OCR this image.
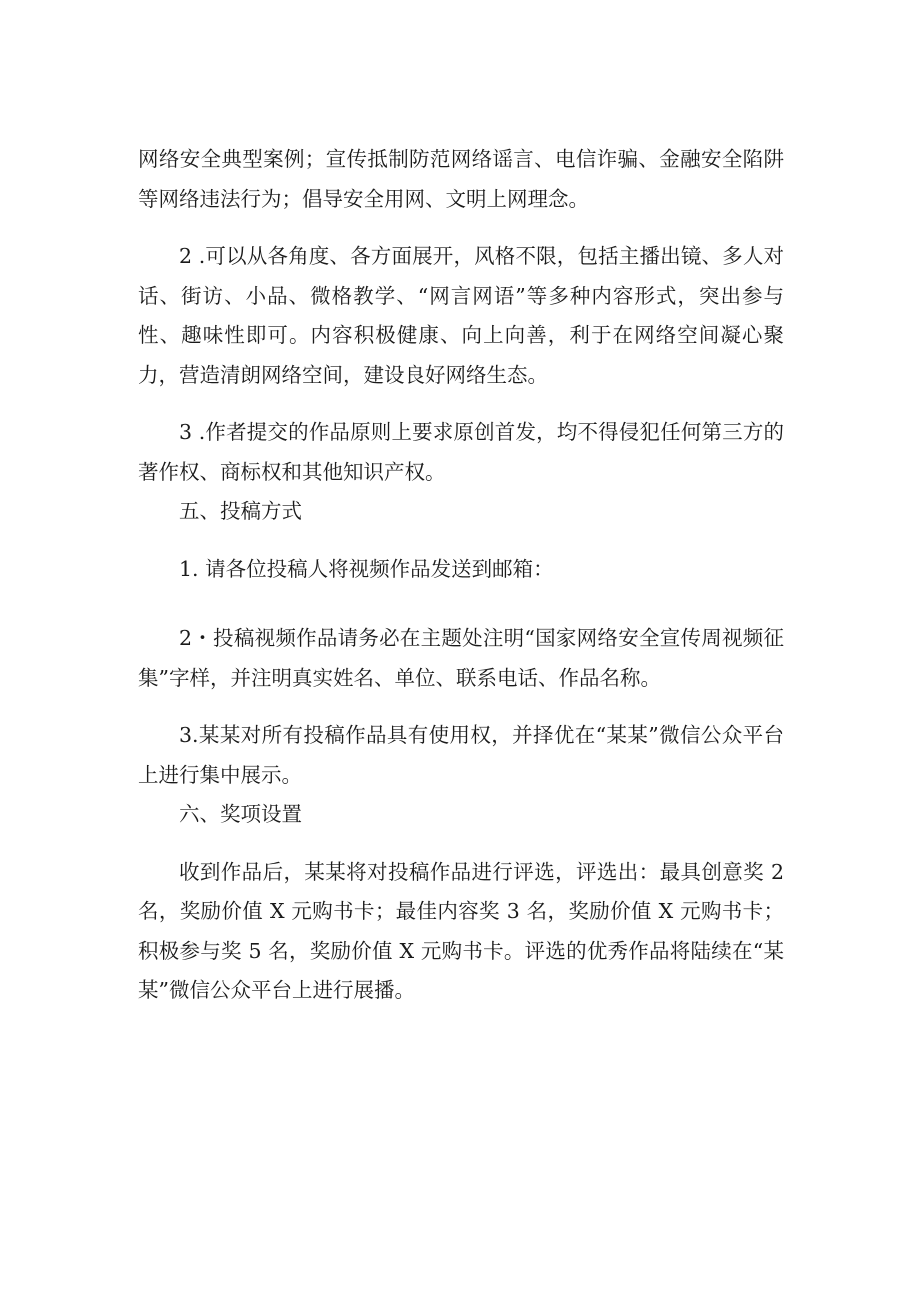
网络安全典型案例；宣传抵制防范网络谣言、电信诈骗、金融安全陷阱等网络违法行为；倡导安全用网、文明上网理念。

2 .可以从各角度、各方面展开，风格不限，包括主播出镜、多人对话、街访、小品、微格教学、“网言网语”等多种内容形式，突出参与性、趣味性即可。内容积极健康、向上向善，利于在网络空间凝心聚力，营造清朗网络空间，建设良好网络生态。

3 .作者提交的作品原则上要求原创首发，均不得侵犯任何第三方的著作权、商标权和其他知识产权。

五、投稿方式

1. 请各位投稿人将视频作品发送到邮箱：

2・投稿视频作品请务必在主题处注明“国家网络安全宣传周视频征集”字样，并注明真实姓名、单位、联系电话、作品名称。

3.某某对所有投稿作品具有使用权，并择优在“某某”微信公众平台上进行集中展示。

六、奖项设置

收到作品后，某某将对投稿作品进行评选，评选出：最具创意奖 2 名，奖励价值 X 元购书卡；最佳内容奖 3 名，奖励价值 X 元购书卡；积极参与奖 5 名，奖励价值 X 元购书卡。评选的优秀作品将陆续在“某某”微信公众平台上进行展播。
